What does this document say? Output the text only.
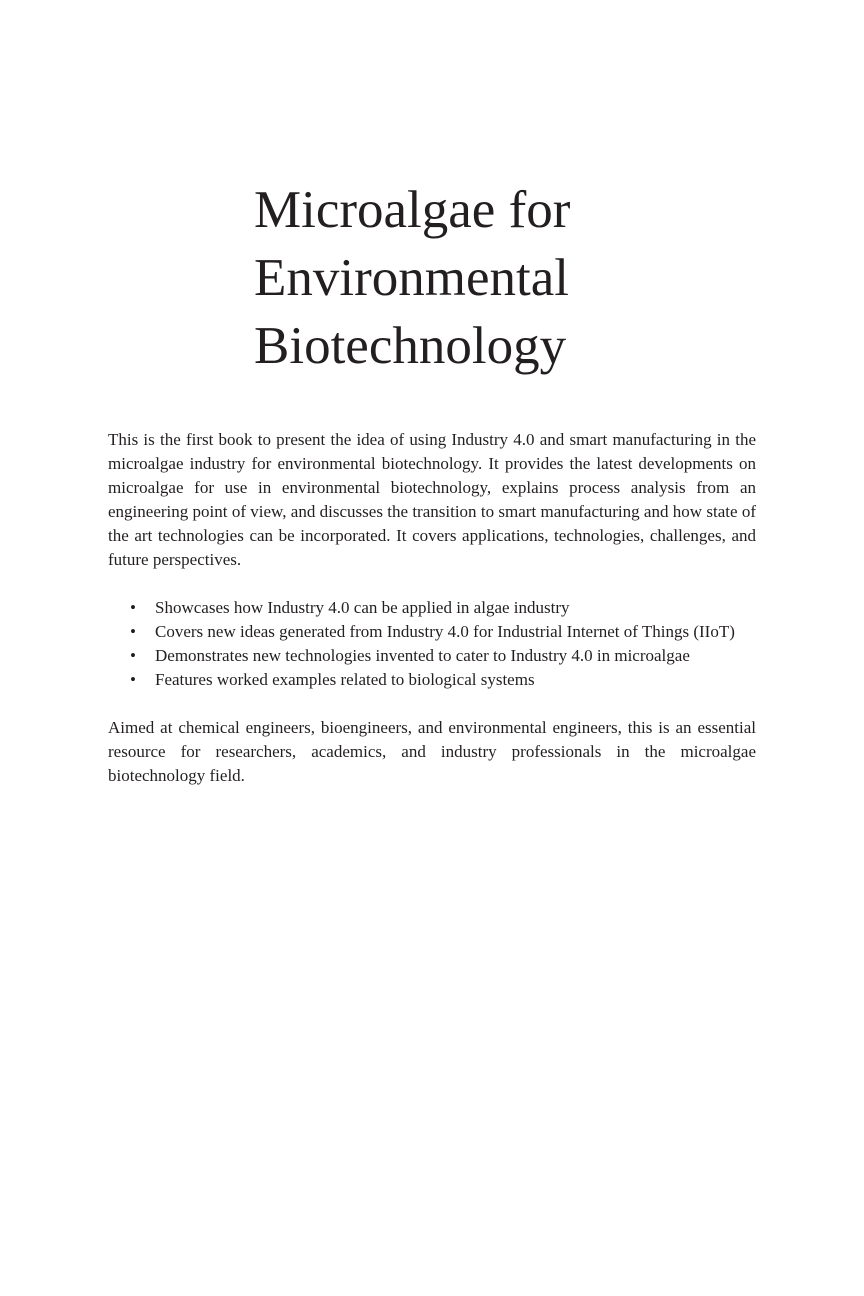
Microalgae for
Environmental
Biotechnology

This is the first book to present the idea of using Industry 4.0 and smart manufacturing in the microalgae industry for environmental biotechnology. It provides the latest developments on microalgae for use in environmental biotechnology, explains process analysis from an engineering point of view, and discusses the transition to smart manufacturing and how state of the art technologies can be incorporated. It covers applications, technologies, challenges, and future perspectives.

• Showcases how Industry 4.0 can be applied in algae industry
• Covers new ideas generated from Industry 4.0 for Industrial Internet of Things (IIoT)
• Demonstrates new technologies invented to cater to Industry 4.0 in microalgae
• Features worked examples related to biological systems

Aimed at chemical engineers, bioengineers, and environmental engineers, this is an essential resource for researchers, academics, and industry professionals in the microalgae biotechnology field.
